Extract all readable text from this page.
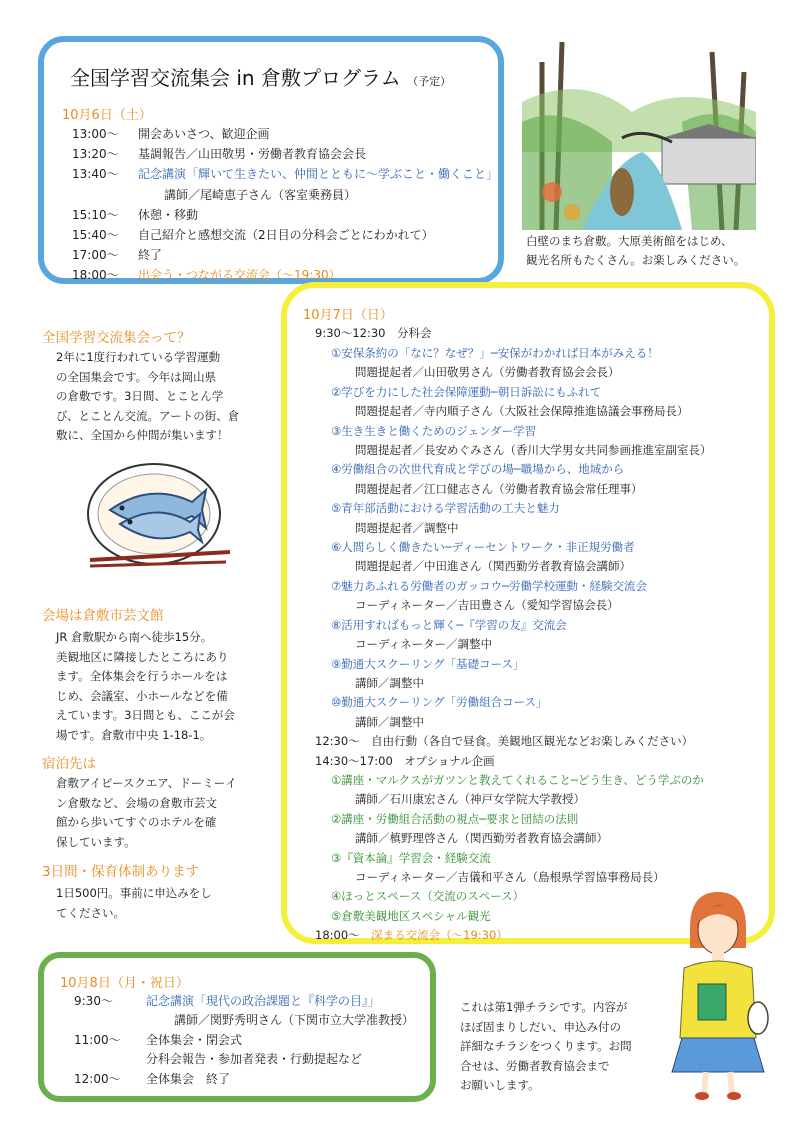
全国学習交流集会 in 倉敷プログラム （予定）
10月6日（土）
13:00～	開会あいさつ、歓迎企画
13:20～	基調報告／山田敬男・労働者教育協会会長
13:40～	記念講演「輝いて生きたい、仲間とともに～学ぶこと・働くこと」
講師／尾崎恵子さん（客室乗務員）
15:10～	休憩・移動
15:40～	自己紹介と感想交流（2日目の分科会ごとにわかれて）
17:00～	終了
18:00～	出会う・つながる交流会（～19:30）
白壁のまち倉敷。大原美術館をはじめ、
観光名所もたくさん。お楽しみください。
10月7日（日）
9:30～12:30　分科会
①安保条約の「なに？なぜ？」─安保がわかれば日本がみえる！
問題提起者／山田敬男さん（労働者教育協会会長）
②学びを力にした社会保障運動─朝日訴訟にもふれて
問題提起者／寺内順子さん（大阪社会保障推進協議会事務局長）
③生き生きと働くためのジェンダー学習
問題提起者／長安めぐみさん（香川大学男女共同参画推進室副室長）
④労働組合の次世代育成と学びの場─職場から、地域から
問題提起者／江口健志さん（労働者教育協会常任理事）
⑤青年部活動における学習活動の工夫と魅力
問題提起者／調整中
⑥人間らしく働きたい─ディーセントワーク・非正規労働者
問題提起者／中田進さん（関西勤労者教育協会講師）
⑦魅力あふれる労働者のガッコウ─労働学校運動・経験交流会
コーディネーター／吉田豊さん（愛知学習協会長）
⑧活用すればもっと輝く─『学習の友』交流会
コーディネーター／調整中
⑨勤通大スクーリング「基礎コース」
講師／調整中
⑩勤通大スクーリング「労働組合コース」
講師／調整中
12:30～　自由行動（各自で昼食。美観地区観光などお楽しみください）
14:30～17:00　オプショナル企画
①講座・マルクスがガツンと教えてくれること─どう生き、どう学ぶのか
講師／石川康宏さん（神戸女学院大学教授）
②講座・労働組合活動の視点─要求と団結の法則
講師／槙野理啓さん（関西勤労者教育協会講師）
③『資本論』学習会・経験交流
コーディネーター／吉儀和平さん（島根県学習協事務局長）
④ほっとスペース（交流のスペース）
⑤倉敷美観地区スペシャル観光
18:00～　 深まる交流会（～19:30）
全国学習交流集会って？
2年に1度行われている学習運動
の全国集会です。今年は岡山県
の倉敷です。3日間、とことん学
び、とことん交流。アートの街、倉
敷に、全国から仲間が集います！
会場は倉敷市芸文館
JR 倉敷駅から南へ徒歩15分。
美観地区に隣接したところにあり
ます。全体集会を行うホールをは
じめ、会議室、小ホールなどを備
えています。3日間とも、ここが会
場です。倉敷市中央 1-18-1。
宿泊先は
倉敷アイビースクエア、ドーミーイ
ン倉敷など、会場の倉敷市芸文
館から歩いてすぐのホテルを確
保しています。
3日間・保育体制あります
1日500円。事前に申込みをし
てください。
10月8日（月・祝日）
9:30～	記念講演「現代の政治課題と『科学の目』」
講師／関野秀明さん（下関市立大学准教授）
11:00～	全体集会・閉会式
分科会報告・参加者発表・行動提起など
12:00～	全体集会　終了
これは第1弾チラシです。内容が
ほぼ固まりしだい、申込み付の
詳細なチラシをつくります。お問
合せは、労働者教育協会まで
お願いします。
